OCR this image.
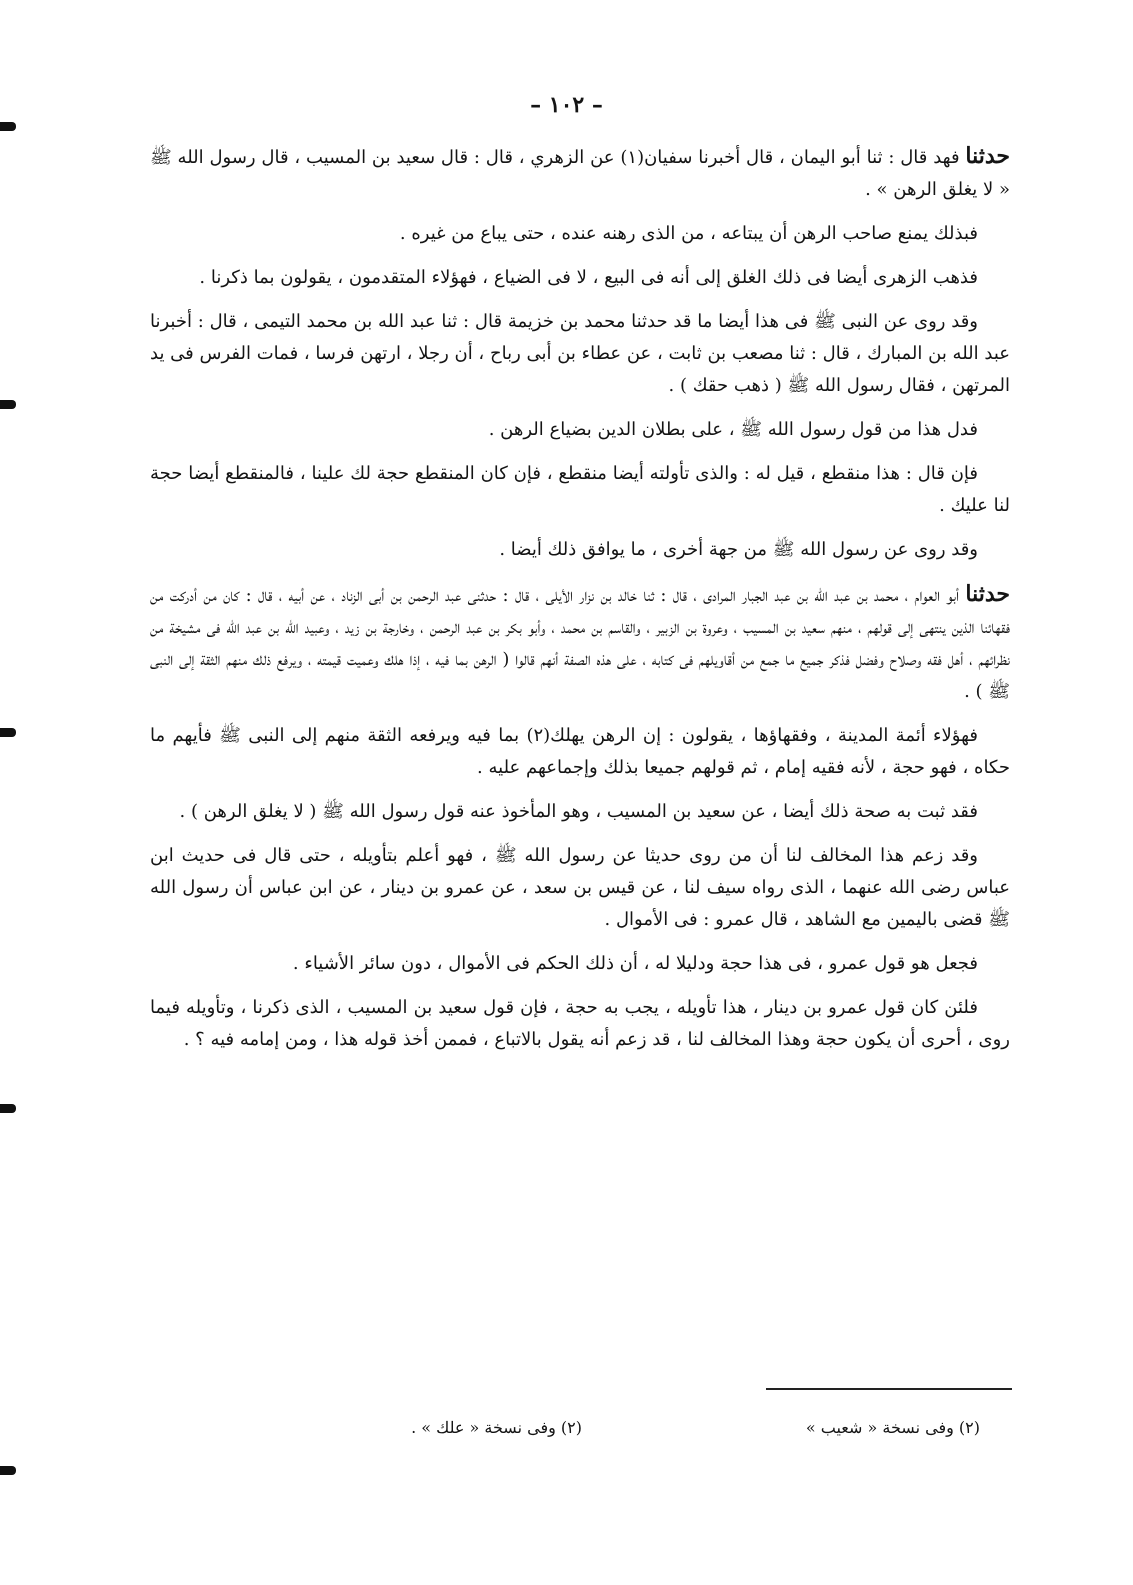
– ١٠٢ –

حدثنا فهد قال : ثنا أبو اليمان ، قال أخبرنا سفيان(١) عن الزهري ، قال : قال سعيد بن المسيب ، قال رسول الله ﷺ « لا يغلق الرهن » .

فبذلك يمنع صاحب الرهن أن يبتاعه ، من الذى رهنه عنده ، حتى يباع من غيره .

فذهب الزهرى أيضا فى ذلك الغلق إلى أنه فى البيع ، لا فى الضياع ، فهؤلاء المتقدمون ، يقولون بما ذكرنا .

وقد روى عن النبى ﷺ فى هذا أيضا ما قد حدثنا محمد بن خزيمة قال : ثنا عبد الله بن محمد التيمى ، قال : أخبرنا عبد الله بن المبارك ، قال : ثنا مصعب بن ثابت ، عن عطاء بن أبى رباح ، أن رجلا ، ارتهن فرسا ، فمات الفرس فى يد المرتهن ، فقال رسول الله ﷺ ( ذهب حقك ) .

فدل هذا من قول رسول الله ﷺ ، على بطلان الدين بضياع الرهن .

فإن قال : هذا منقطع ، قيل له : والذى تأولته أيضا منقطع ، فإن كان المنقطع حجة لك علينا ، فالمنقطع أيضا حجة لنا عليك .

وقد روى عن رسول الله ﷺ من جهة أخرى ، ما يوافق ذلك أيضا .

حدثنا أبو العوام ، محمد بن عبد الله بن عبد الجبار المرادى ، قال : ثنا خالد بن نزار الأيلى ، قال : حدثنى عبد الرحمن بن أبى الزناد ، عن أبيه ، قال : كان من أدركت من فقهائنا الذين ينتهى إلى قولهم ، منهم سعيد بن المسيب ، وعروة بن الزبير ، والقاسم بن محمد ، وأبو بكر بن عبد الرحمن ، وخارجة بن زيد ، وعبيد الله بن عبد الله فى مشيخة من نظرائهم ، أهل فقه وصلاح وفضل فذكر جميع ما جمع من أقاويلهم فى كتابه ، على هذه الصفة أنهم قالوا ( الرهن بما فيه ، إذا هلك وعميت قيمته ، ويرفع ذلك منهم الثقة إلى النبى ﷺ ) .

فهؤلاء أئمة المدينة ، وفقهاؤها ، يقولون : إن الرهن يهلك(٢) بما فيه ويرفعه الثقة منهم إلى النبى ﷺ فأيهم ما حكاه ، فهو حجة ، لأنه فقيه إمام ، ثم قولهم جميعا بذلك وإجماعهم عليه .

فقد ثبت به صحة ذلك أيضا ، عن سعيد بن المسيب ، وهو المأخوذ عنه قول رسول الله ﷺ ( لا يغلق الرهن ) .

وقد زعم هذا المخالف لنا أن من روى حديثا عن رسول الله ﷺ ، فهو أعلم بتأويله ، حتى قال فى حديث ابن عباس رضى الله عنهما ، الذى رواه سيف لنا ، عن قيس بن سعد ، عن عمرو بن دينار ، عن ابن عباس أن رسول الله ﷺ قضى باليمين مع الشاهد ، قال عمرو : فى الأموال .

فجعل هو قول عمرو ، فى هذا حجة ودليلا له ، أن ذلك الحكم فى الأموال ، دون سائر الأشياء .

فلئن كان قول عمرو بن دينار ، هذا تأويله ، يجب به حجة ، فإن قول سعيد بن المسيب ، الذى ذكرنا ، وتأويله فيما روى ، أحرى أن يكون حجة وهذا المخالف لنا ، قد زعم أنه يقول بالاتباع ، فممن أخذ قوله هذا ، ومن إمامه فيه ؟ .

(٢) وفى نسخة « شعيب »
(٢) وفى نسخة « علك » .
